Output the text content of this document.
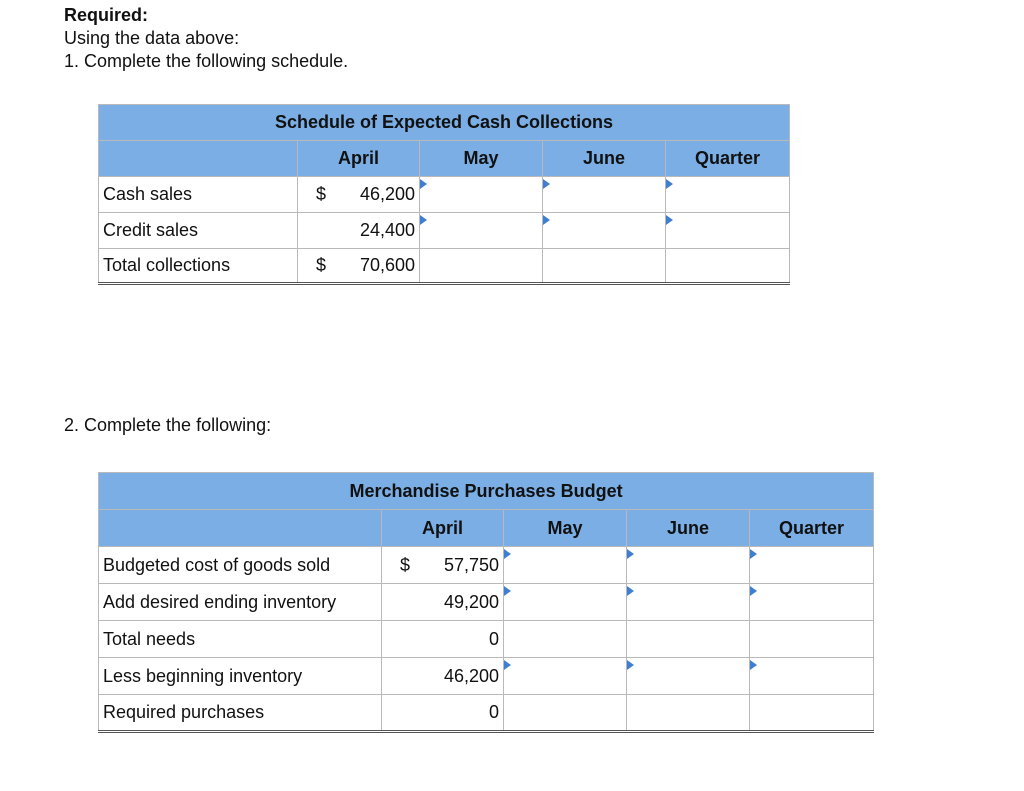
Required:
Using the data above:
1. Complete the following schedule.
Schedule of Expected Cash Collections				
	April	May	June	Quarter
Cash sales	$ 46,200			
Credit sales	24,400			
Total collections	$ 70,600			
2. Complete the following:
Merchandise Purchases Budget				
	April	May	June	Quarter
Budgeted cost of goods sold	$ 57,750			
Add desired ending inventory	49,200			
Total needs	0			
Less beginning inventory	46,200			
Required purchases	0			
